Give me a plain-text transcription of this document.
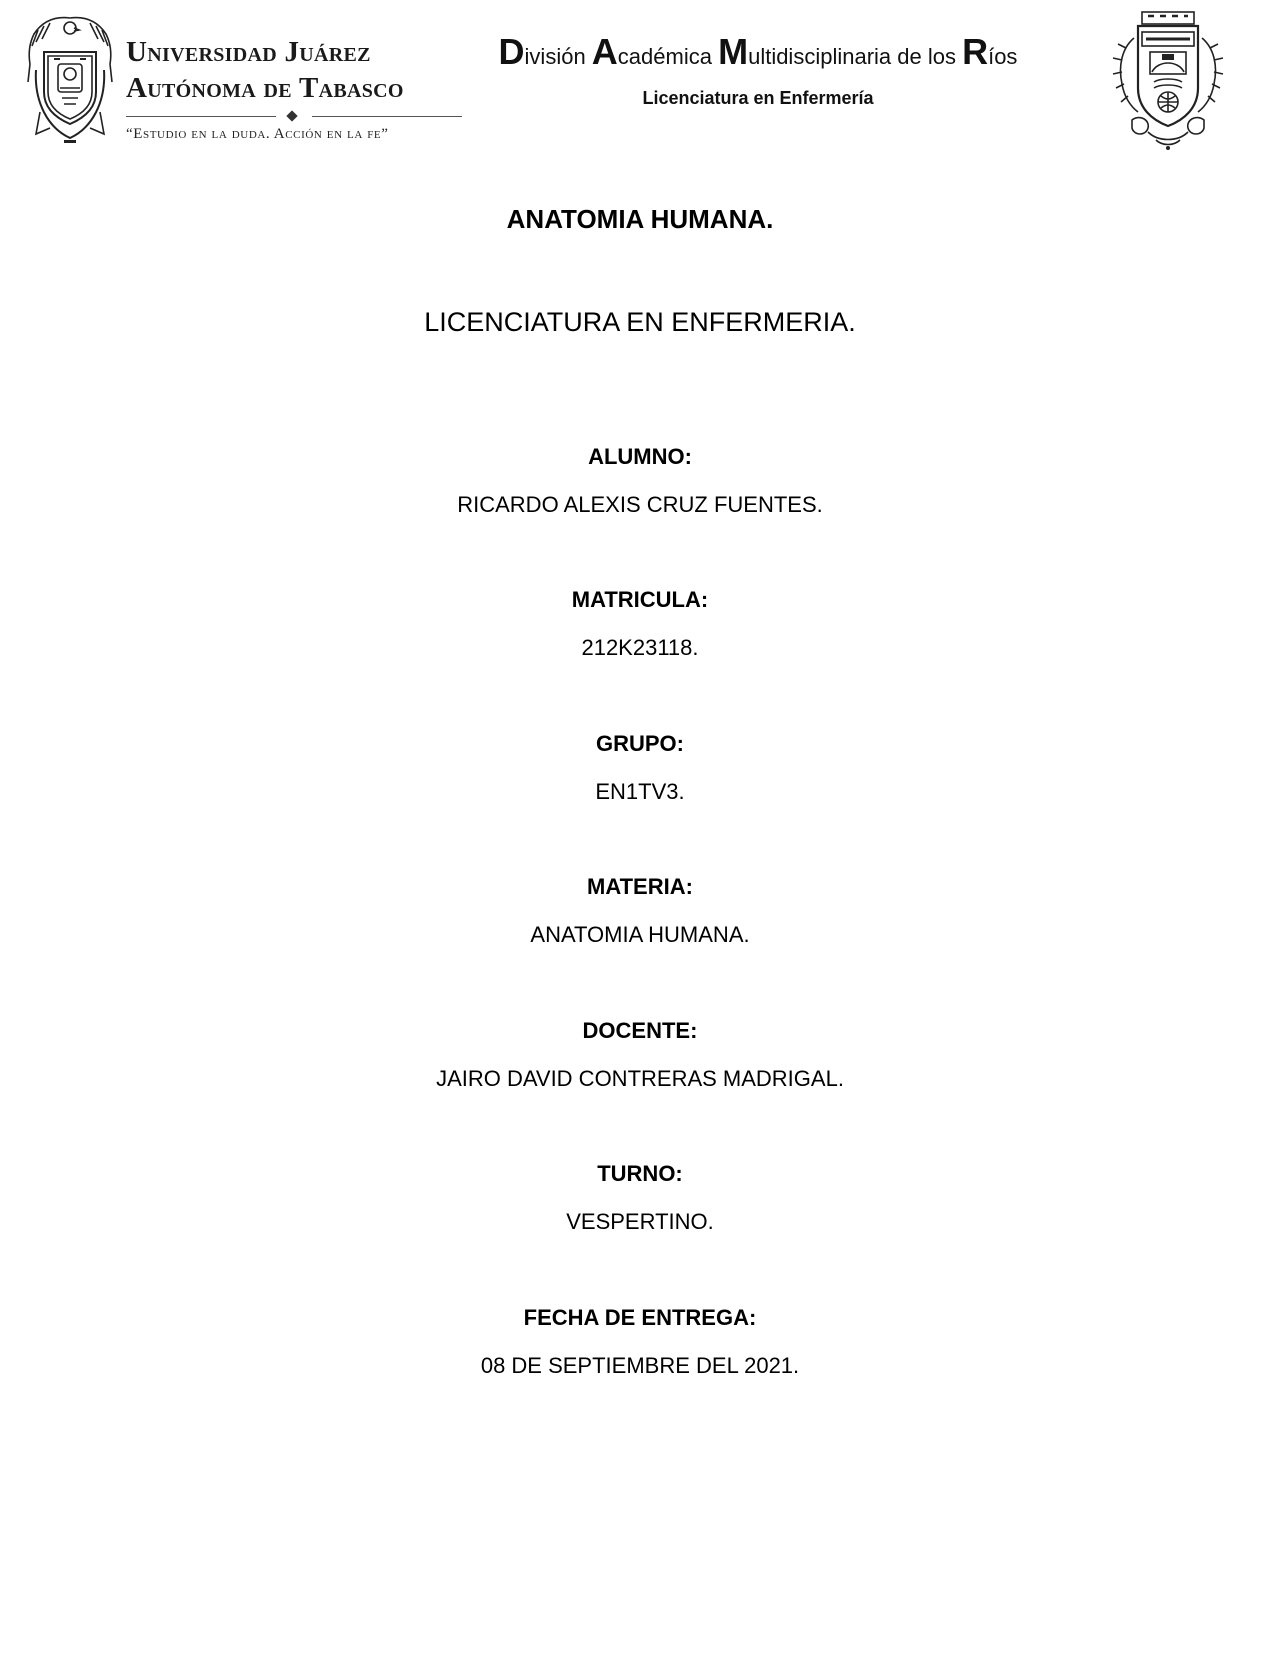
Universidad Juárez
Autónoma de Tabasco
“Estudio en la duda. Acción en la fe”
División Académica Multidisciplinaria de los Ríos
Licenciatura en Enfermería
ANATOMIA HUMANA.
LICENCIATURA EN ENFERMERIA.
ALUMNO:
RICARDO ALEXIS CRUZ FUENTES.
MATRICULA:
212K23118.
GRUPO:
EN1TV3.
MATERIA:
ANATOMIA HUMANA.
DOCENTE:
JAIRO DAVID CONTRERAS MADRIGAL.
TURNO:
VESPERTINO.
FECHA DE ENTREGA:
08 DE SEPTIEMBRE DEL 2021.
